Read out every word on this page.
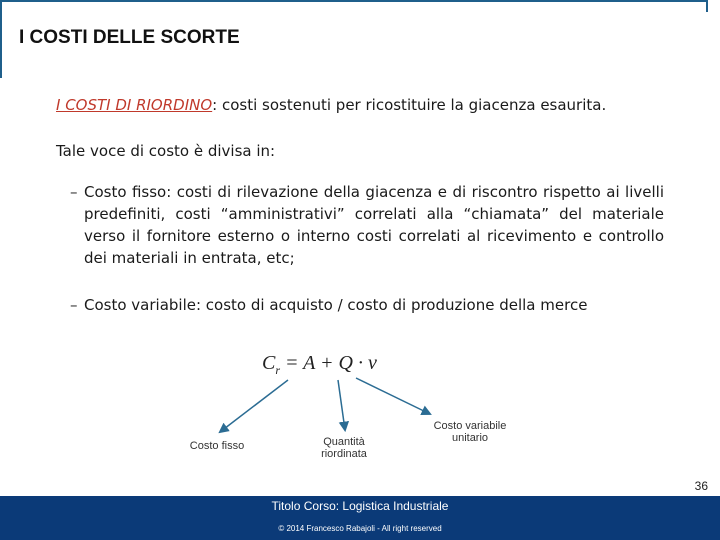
I COSTI DELLE SCORTE

I COSTI DI RIORDINO: costi sostenuti per ricostituire la giacenza esaurita.

Tale voce di costo è divisa in:

– Costo fisso: costi di rilevazione della giacenza e di riscontro rispetto ai livelli predefiniti, costi “amministrativi” correlati alla “chiamata” del materiale verso il fornitore esterno o interno costi correlati al ricevimento e controllo dei materiali in entrata, etc;
– Costo variabile: costo di acquisto / costo di produzione della merce

$C_r = A + Q \cdot v$

Costo fisso	Quantità riordinata

Costo variabile unitario

36

Titolo Corso: Logistica Industriale

© 2014 Francesco Rabajoli - All right reserved
